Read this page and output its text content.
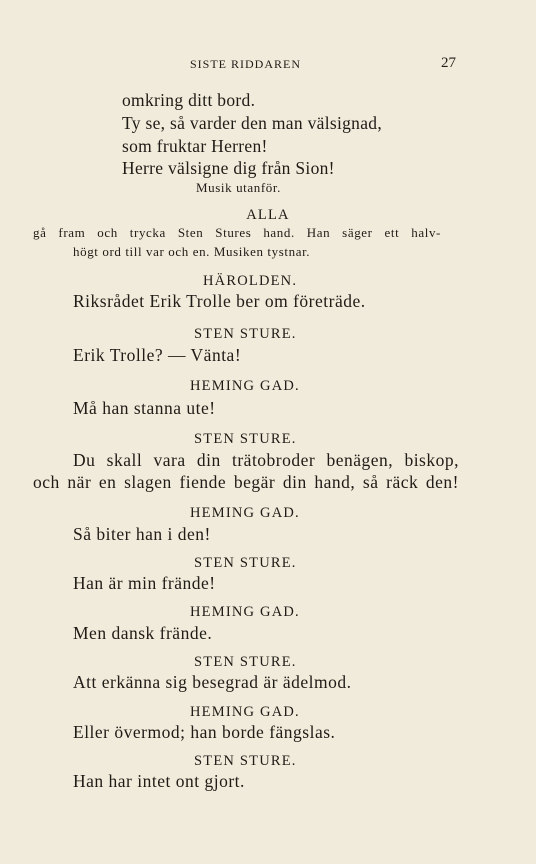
SISTE RIDDAREN	27
omkring ditt bord.
Ty se, så varder den man välsignad,
som fruktar Herren!
Herre välsigne dig från Sion!
Musik utanför.
ALLA
gå fram och trycka Sten Stures hand. Han säger ett halv-
högt ord till var och en. Musiken tystnar.
HÄROLDEN.
Riksrådet Erik Trolle ber om företräde.
STEN STURE.
Erik Trolle? — Vänta!
HEMING GAD.
Må han stanna ute!
STEN STURE.
Du skall vara din trätobroder benägen, biskop,
och när en slagen fiende begär din hand, så räck den!
HEMING GAD.
Så biter han i den!
STEN STURE.
Han är min frände!
HEMING GAD.
Men dansk frände.
STEN STURE.
Att erkänna sig besegrad är ädelmod.
HEMING GAD.
Eller övermod; han borde fängslas.
STEN STURE.
Han har intet ont gjort.
